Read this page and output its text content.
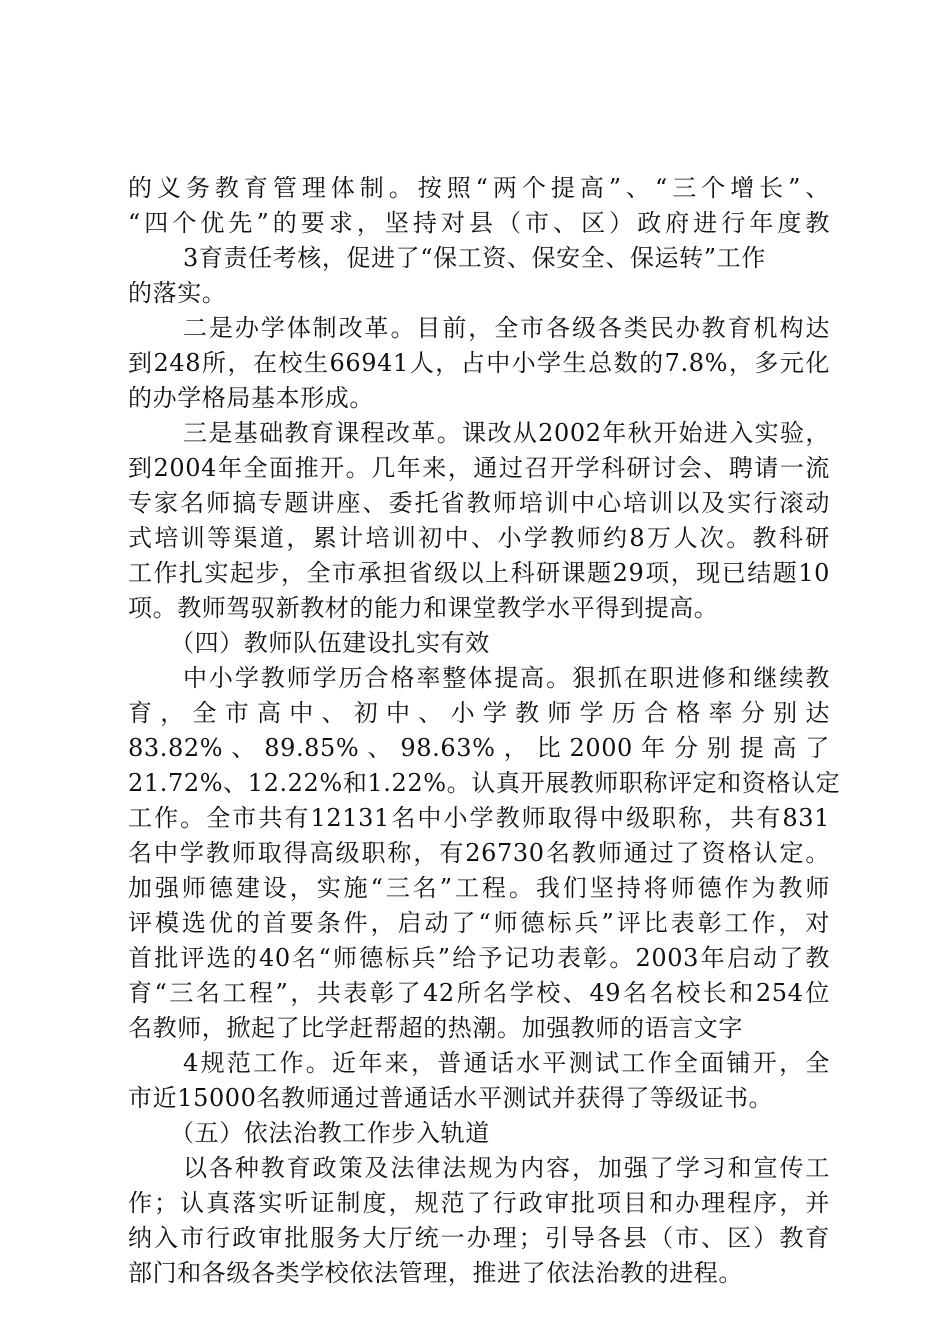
的义务教育管理体制。按照“两个提高”、“三个增长”、
“四个优先”的要求，坚持对县（市、区）政府进行年度教
3育责任考核，促进了“保工资、保安全、保运转”工作
的落实。
二是办学体制改革。目前，全市各级各类民办教育机构达
到248所，在校生66941人，占中小学生总数的7.8%，多元化
的办学格局基本形成。
三是基础教育课程改革。课改从2002年秋开始进入实验，
到2004年全面推开。几年来，通过召开学科研讨会、聘请一流
专家名师搞专题讲座、委托省教师培训中心培训以及实行滚动
式培训等渠道，累计培训初中、小学教师约8万人次。教科研
工作扎实起步，全市承担省级以上科研课题29项，现已结题10
项。教师驾驭新教材的能力和课堂教学水平得到提高。
（四）教师队伍建设扎实有效
中小学教师学历合格率整体提高。狠抓在职进修和继续教
育，全市高中、初中、小学教师学历合格率分别达
83.82%、89.85%、98.63%，比2000年分别提高了
21.72%、12.22%和1.22%。认真开展教师职称评定和资格认定
工作。全市共有12131名中小学教师取得中级职称，共有831
名中学教师取得高级职称，有26730名教师通过了资格认定。
加强师德建设，实施“三名”工程。我们坚持将师德作为教师
评模选优的首要条件，启动了“师德标兵”评比表彰工作，对
首批评选的40名“师德标兵”给予记功表彰。2003年启动了教
育“三名工程”，共表彰了42所名学校、49名名校长和254位
名教师，掀起了比学赶帮超的热潮。加强教师的语言文字
4规范工作。近年来，普通话水平测试工作全面铺开，全
市近15000名教师通过普通话水平测试并获得了等级证书。
（五）依法治教工作步入轨道
以各种教育政策及法律法规为内容，加强了学习和宣传工
作；认真落实听证制度，规范了行政审批项目和办理程序，并
纳入市行政审批服务大厅统一办理；引导各县（市、区）教育
部门和各级各类学校依法管理，推进了依法治教的进程。
